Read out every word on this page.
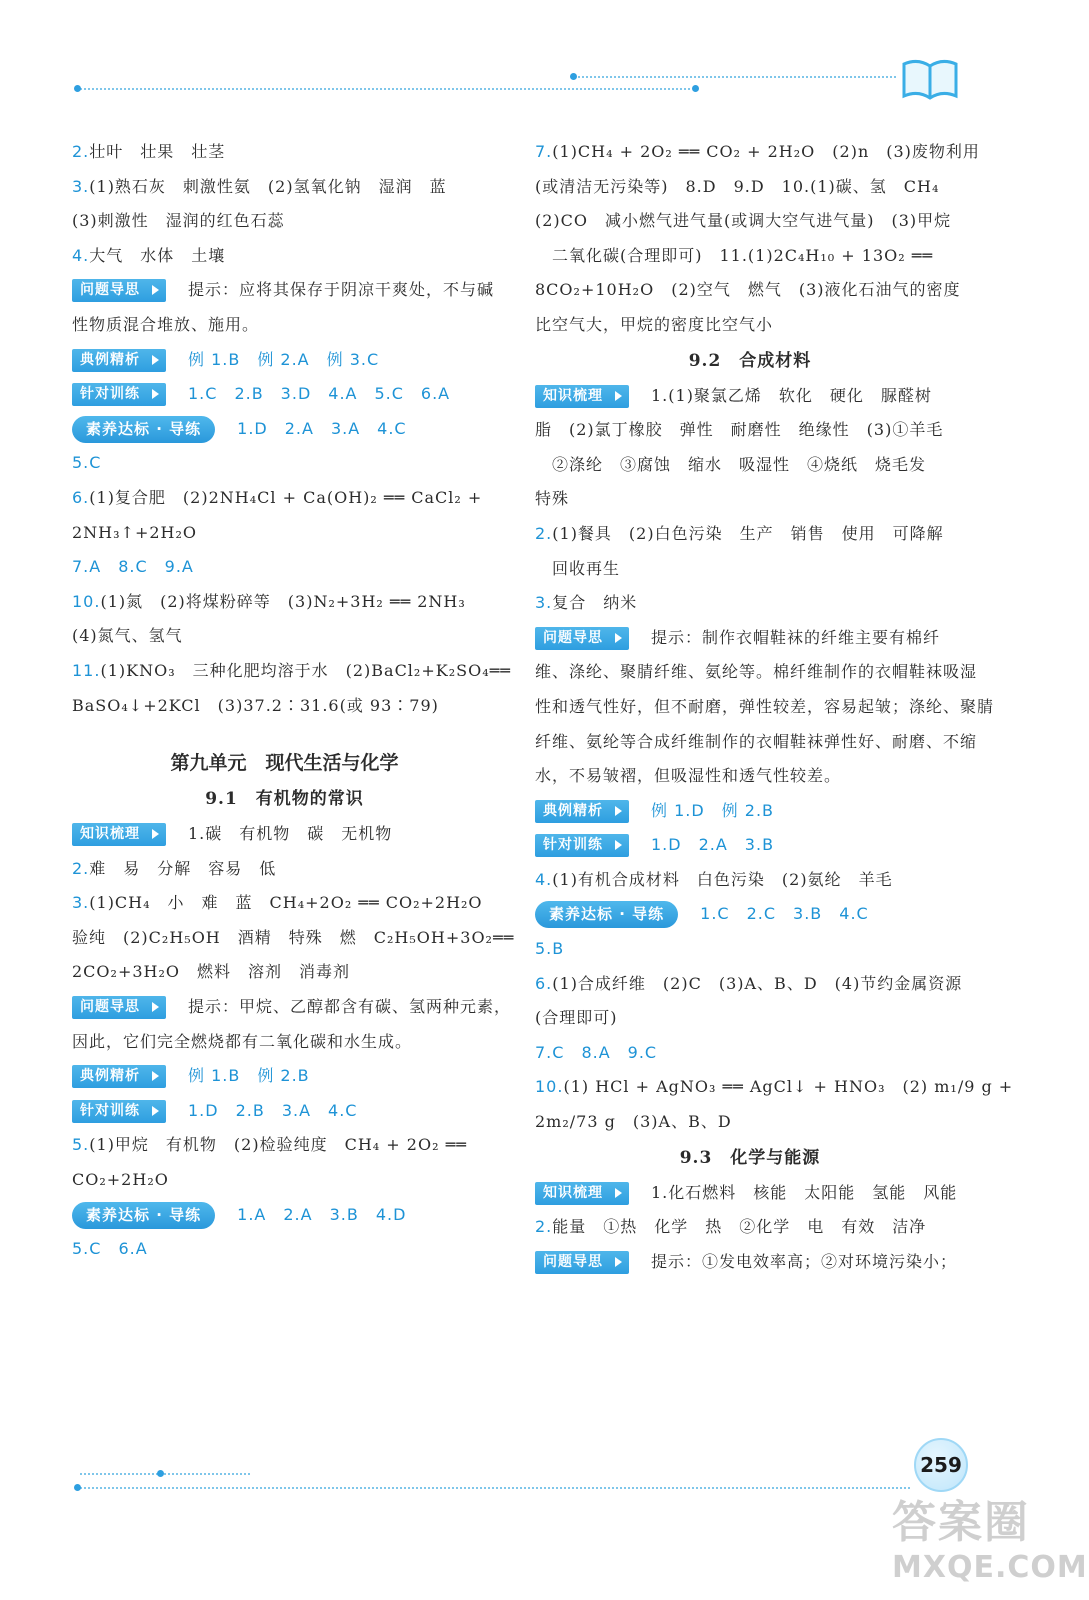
2.壮叶　壮果　壮茎
3.(1)熟石灰　刺激性氨　(2)氢氧化钠　湿润　蓝
(3)刺激性　湿润的红色石蕊
4.大气　水体　土壤
问题导思	提示：应将其保存于阴凉干爽处，不与碱
性物质混合堆放、施用。
典例精析	例 1.B　例 2.A　例 3.C
针对训练	1.C　2.B　3.D　4.A　5.C　6.A
素养达标 · 导练 1.D　2.A　3.A　4.C
5.C
6.(1)复合肥　(2)2NH₄Cl + Ca(OH)₂ ══ CaCl₂ +
2NH₃↑+2H₂O
7.A　8.C　9.A
10.(1)氮　(2)将煤粉碎等　(3)N₂+3H₂ ══ 2NH₃
(4)氮气、氢气
11.(1)KNO₃　三种化肥均溶于水　(2)BaCl₂+K₂SO₄══
BaSO₄↓+2KCl　(3)37.2∶31.6(或 93∶79)
第九单元　现代生活与化学
9.1　有机物的常识
知识梳理	1.碳　有机物　碳　无机物
2.难　易　分解　容易　低
3.(1)CH₄　小　难　蓝　CH₄+2O₂ ══ CO₂+2H₂O
验纯　(2)C₂H₅OH　酒精　特殊　燃　C₂H₅OH+3O₂══
2CO₂+3H₂O　燃料　溶剂　消毒剂
问题导思	提示：甲烷、乙醇都含有碳、氢两种元素，
因此，它们完全燃烧都有二氧化碳和水生成。
典例精析	例 1.B　例 2.B
针对训练	1.D　2.B　3.A　4.C
5.(1)甲烷　有机物　(2)检验纯度　CH₄ + 2O₂ ══
CO₂+2H₂O
素养达标 · 导练 1.A　2.A　3.B　4.D
5.C　6.A
7.(1)CH₄ + 2O₂ ══ CO₂ + 2H₂O　(2)n　(3)废物利用
(或清洁无污染等)　8.D　9.D　10.(1)碳、氢　CH₄
(2)CO　减小燃气进气量(或调大空气进气量)　(3)甲烷
　二氧化碳(合理即可)　11.(1)2C₄H₁₀ + 13O₂ ══
8CO₂+10H₂O　(2)空气　燃气　(3)液化石油气的密度
比空气大，甲烷的密度比空气小
9.2　合成材料
知识梳理	1.(1)聚氯乙烯　软化　硬化　脲醛树
脂　(2)氯丁橡胶　弹性　耐磨性　绝缘性　(3)①羊毛
　②涤纶　③腐蚀　缩水　吸湿性　④烧纸　烧毛发
特殊
2.(1)餐具　(2)白色污染　生产　销售　使用　可降解
　回收再生
3.复合　纳米
问题导思	提示：制作衣帽鞋袜的纤维主要有棉纤
维、涤纶、聚腈纤维、氨纶等。棉纤维制作的衣帽鞋袜吸湿
性和透气性好，但不耐磨，弹性较差，容易起皱；涤纶、聚腈
纤维、氨纶等合成纤维制作的衣帽鞋袜弹性好、耐磨、不缩
水，不易皱褶，但吸湿性和透气性较差。
典例精析	例 1.D　例 2.B
针对训练	1.D　2.A　3.B
4.(1)有机合成材料　白色污染　(2)氨纶　羊毛
素养达标 · 导练 1.C　2.C　3.B　4.C
5.B
6.(1)合成纤维　(2)C　(3)A、B、D　(4)节约金属资源
(合理即可)
7.C　8.A　9.C
10.(1) HCl + AgNO₃ ══ AgCl↓ + HNO₃　(2) m₁/9 g +
2m₂/73 g　(3)A、B、D
9.3　化学与能源
知识梳理	1.化石燃料　核能　太阳能　氢能　风能
2.能量　①热　化学　热　②化学　电　有效　洁净
问题导思	提示：①发电效率高；②对环境污染小；
259
答案圈
MXQE.COM
